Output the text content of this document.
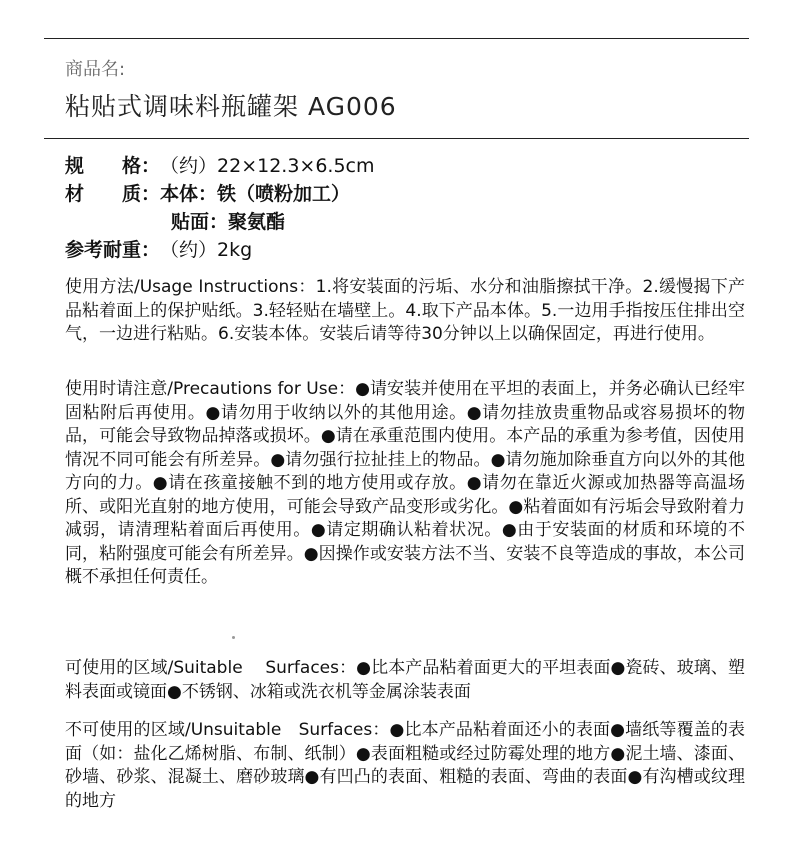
商品名:
粘贴式调味料瓶罐架 AG006
规　　格：（约）22×12.3×6.5cm
材　　质：本体：铁（喷粉加工）
贴面：聚氨酯
参考耐重：（约）2kg
使用方法/Usage Instructions：1.将安装面的污垢、水分和油脂擦拭干净。2.缓慢揭下产品粘着面上的保护贴纸。3.轻轻贴在墙壁上。4.取下产品本体。5.一边用手指按压住排出空气，一边进行粘贴。6.安装本体。安装后请等待30分钟以上以确保固定，再进行使用。
使用时请注意/Precautions for Use：●请安装并使用在平坦的表面上，并务必确认已经牢固粘附后再使用。●请勿用于收纳以外的其他用途。●请勿挂放贵重物品或容易损坏的物品，可能会导致物品掉落或损坏。●请在承重范围内使用。本产品的承重为参考值，因使用情况不同可能会有所差异。●请勿强行拉扯挂上的物品。●请勿施加除垂直方向以外的其他方向的力。●请在孩童接触不到的地方使用或存放。●请勿在靠近火源或加热器等高温场所、或阳光直射的地方使用，可能会导致产品变形或劣化。●粘着面如有污垢会导致附着力减弱，请清理粘着面后再使用。●请定期确认粘着状况。●由于安装面的材质和环境的不同，粘附强度可能会有所差异。●因操作或安装方法不当、安装不良等造成的事故，本公司概不承担任何责任。
可使用的区域/Suitable　 Surfaces：●比本产品粘着面更大的平坦表面●瓷砖、玻璃、塑料表面或镜面●不锈钢、冰箱或洗衣机等金属涂装表面
不可使用的区域/Unsuitable　Surfaces：●比本产品粘着面还小的表面●墙纸等覆盖的表面（如：盐化乙烯树脂、布制、纸制）●表面粗糙或经过防霉处理的地方●泥土墙、漆面、砂墙、砂浆、混凝土、磨砂玻璃●有凹凸的表面、粗糙的表面、弯曲的表面●有沟槽或纹理的地方
